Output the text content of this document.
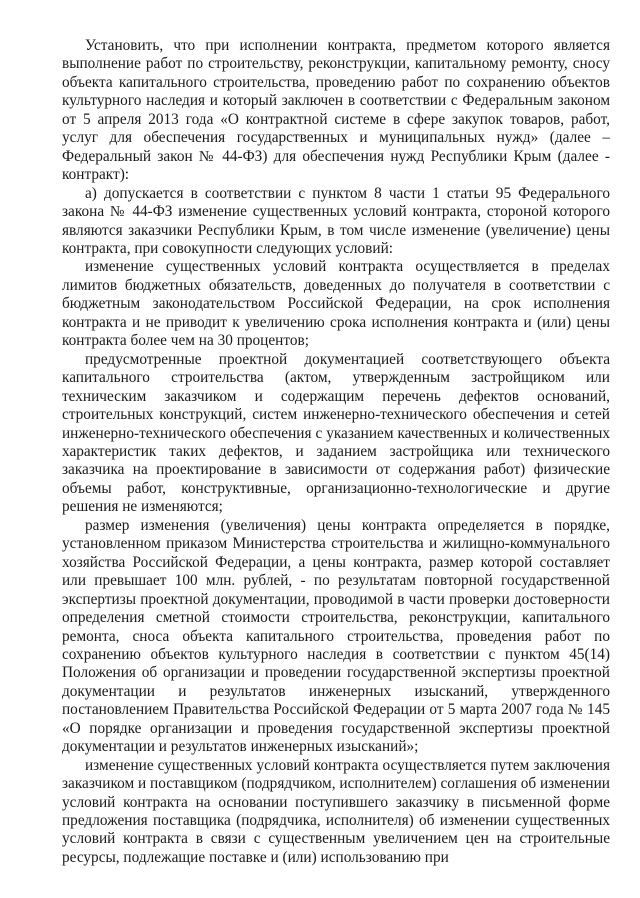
Установить, что при исполнении контракта, предметом которого является выполнение работ по строительству, реконструкции, капитальному ремонту, сносу объекта капитального строительства, проведению работ по сохранению объектов культурного наследия и который заключен в соответствии с Федеральным законом от 5 апреля 2013 года «О контрактной системе в сфере закупок товаров, работ, услуг для обеспечения государственных и муниципальных нужд» (далее – Федеральный закон № 44-ФЗ) для обеспечения нужд Республики Крым (далее - контракт):

а) допускается в соответствии с пунктом 8 части 1 статьи 95 Федерального закона № 44-ФЗ изменение существенных условий контракта, стороной которого являются заказчики Республики Крым, в том числе изменение (увеличение) цены контракта, при совокупности следующих условий:

изменение существенных условий контракта осуществляется в пределах лимитов бюджетных обязательств, доведенных до получателя в соответствии с бюджетным законодательством Российской Федерации, на срок исполнения контракта и не приводит к увеличению срока исполнения контракта и (или) цены контракта более чем на 30 процентов;

предусмотренные проектной документацией соответствующего объекта капитального строительства (актом, утвержденным застройщиком или техническим заказчиком и содержащим перечень дефектов оснований, строительных конструкций, систем инженерно-технического обеспечения и сетей инженерно-технического обеспечения с указанием качественных и количественных характеристик таких дефектов, и заданием застройщика или технического заказчика на проектирование в зависимости от содержания работ) физические объемы работ, конструктивные, организационно-технологические и другие решения не изменяются;

размер изменения (увеличения) цены контракта определяется в порядке, установленном приказом Министерства строительства и жилищно-коммунального хозяйства Российской Федерации, а цены контракта, размер которой составляет или превышает 100 млн. рублей, - по результатам повторной государственной экспертизы проектной документации, проводимой в части проверки достоверности определения сметной стоимости строительства, реконструкции, капитального ремонта, сноса объекта капитального строительства, проведения работ по сохранению объектов культурного наследия в соответствии с пунктом 45(14) Положения об организации и проведении государственной экспертизы проектной документации и результатов инженерных изысканий, утвержденного постановлением Правительства Российской Федерации от 5 марта 2007 года № 145 «О порядке организации и проведения государственной экспертизы проектной документации и результатов инженерных изысканий»;

изменение существенных условий контракта осуществляется путем заключения заказчиком и поставщиком (подрядчиком, исполнителем) соглашения об изменении условий контракта на основании поступившего заказчику в письменной форме предложения поставщика (подрядчика, исполнителя) об изменении существенных условий контракта в связи с существенным увеличением цен на строительные ресурсы, подлежащие поставке и (или) использованию при
